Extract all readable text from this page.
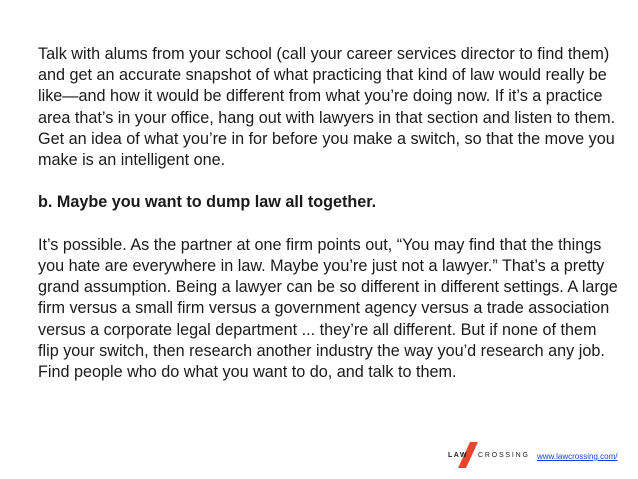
Talk with alums from your school (call your career services director to find them) and get an accurate snapshot of what practicing that kind of law would really be like—and how it would be different from what you’re doing now. If it’s a practice area that’s in your office, hang out with lawyers in that section and listen to them. Get an idea of what you’re in for before you make a switch, so that the move you make is an intelligent one.

b. Maybe you want to dump law all together.

It’s possible. As the partner at one firm points out, “You may find that the things you hate are everywhere in law. Maybe you’re just not a lawyer.” That’s a pretty grand assumption. Being a lawyer can be so different in different settings. A large firm versus a small firm versus a government agency versus a trade association versus a corporate legal department ... they’re all different. But if none of them flip your switch, then research another industry the way you’d research any job. Find people who do what you want to do, and talk to them.

LAW CROSSING www.lawcrossing.com/
